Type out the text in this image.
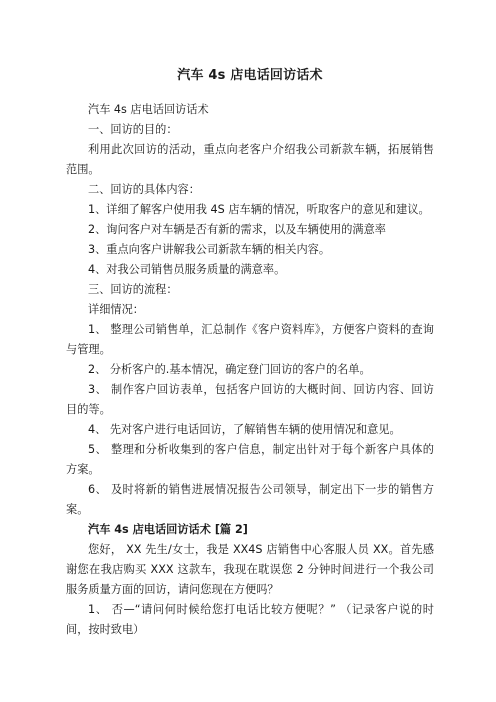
汽车 4s 店电话回访话术

汽车 4s 店电话回访话术

一、回访的目的：

利用此次回访的活动，重点向老客户介绍我公司新款车辆，拓展销售范围。

二、回访的具体内容：

1、详细了解客户使用我 4S 店车辆的情况，听取客户的意见和建议。

2、询问客户对车辆是否有新的需求，以及车辆使用的满意率

3、重点向客户讲解我公司新款车辆的相关内容。

4、对我公司销售员服务质量的满意率。

三、回访的流程：

详细情况：

1、 整理公司销售单，汇总制作《客户资料库》，方便客户资料的查询与管理。

2、 分析客户的.基本情况，确定登门回访的客户的名单。

3、 制作客户回访表单，包括客户回访的大概时间、回访内容、回访目的等。

4、 先对客户进行电话回访，了解销售车辆的使用情况和意见。

5、 整理和分析收集到的客户信息，制定出针对于每个新客户具体的方案。

6、 及时将新的销售进展情况报告公司领导，制定出下一步的销售方案。

汽车 4s 店电话回访话术 [篇 2]

您好， XX 先生/女士，我是 XX4S 店销售中心客服人员 XX。首先感谢您在我店购买 XXX 这款车，我现在耽误您 2 分钟时间进行一个我公司服务质量方面的回访，请问您现在方便吗？

1、 否—“请问何时候给您打电话比较方便呢？” （记录客户说的时间，按时致电）
